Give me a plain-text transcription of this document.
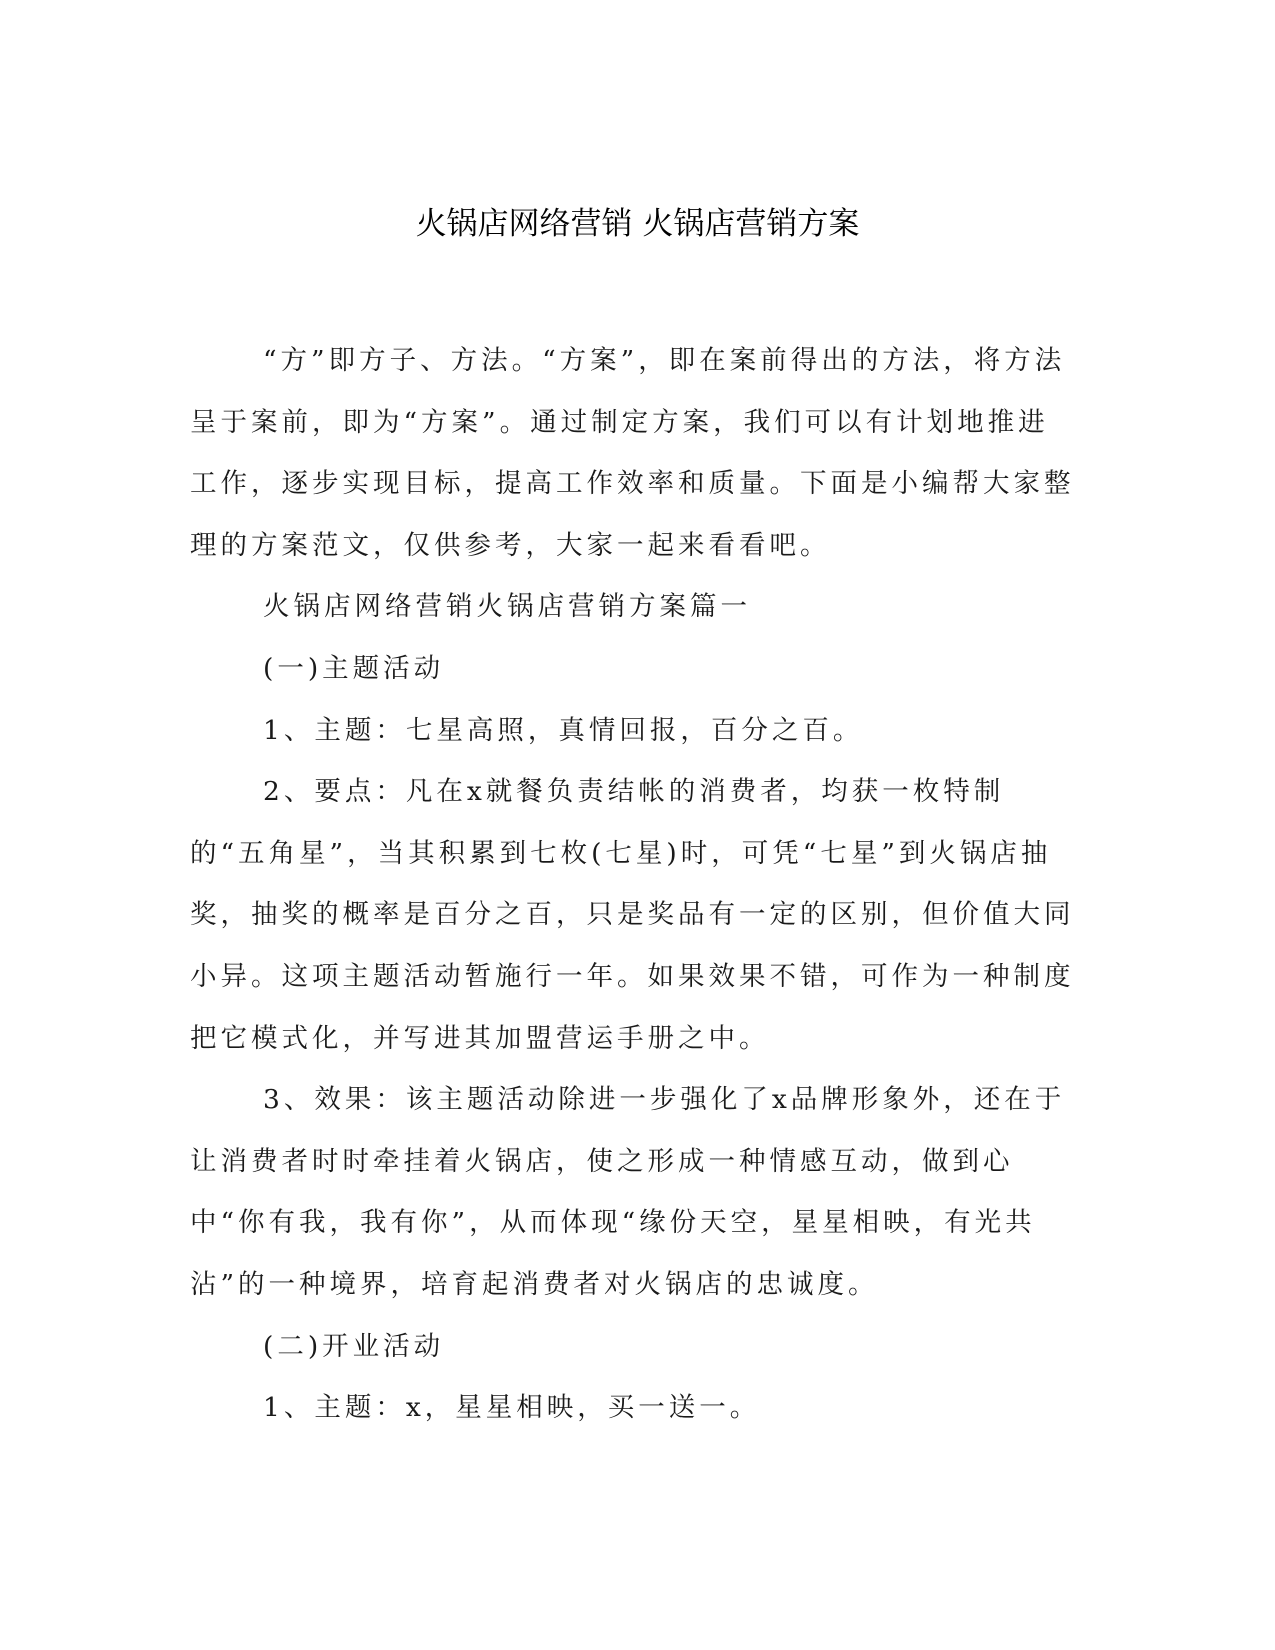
火锅店网络营销 火锅店营销方案

“方”即方子、方法。“方案”，即在案前得出的方法，将方法呈于案前，即为“方案”。通过制定方案，我们可以有计划地推进工作，逐步实现目标，提高工作效率和质量。下面是小编帮大家整理的方案范文，仅供参考，大家一起来看看吧。

火锅店网络营销火锅店营销方案篇一

(一)主题活动

1、主题：七星高照，真情回报，百分之百。

2、要点：凡在x就餐负责结帐的消费者，均获一枚特制的“五角星”，当其积累到七枚(七星)时，可凭“七星”到火锅店抽奖，抽奖的概率是百分之百，只是奖品有一定的区别，但价值大同小异。这项主题活动暂施行一年。如果效果不错，可作为一种制度把它模式化，并写进其加盟营运手册之中。

3、效果：该主题活动除进一步强化了x品牌形象外，还在于让消费者时时牵挂着火锅店，使之形成一种情感互动，做到心中“你有我，我有你”，从而体现“缘份天空，星星相映，有光共沾”的一种境界，培育起消费者对火锅店的忠诚度。

(二)开业活动

1、主题：x，星星相映，买一送一。
